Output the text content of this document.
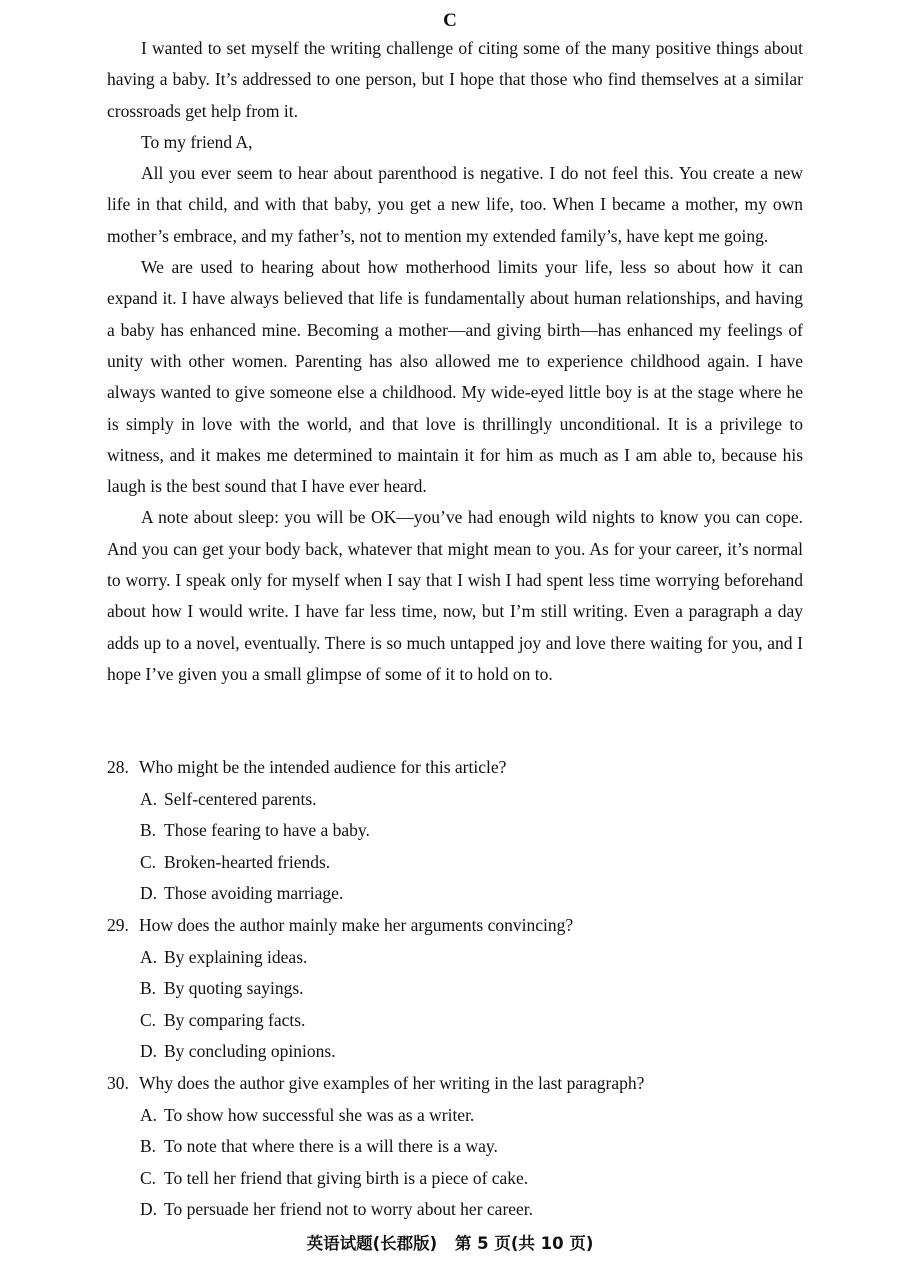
C

I wanted to set myself the writing challenge of citing some of the many positive things about having a baby. It’s addressed to one person, but I hope that those who find themselves at a similar crossroads get help from it.

To my friend A,

All you ever seem to hear about parenthood is negative. I do not feel this. You create a new life in that child, and with that baby, you get a new life, too. When I became a mother, my own mother’s embrace, and my father’s, not to mention my extended family’s, have kept me going.

We are used to hearing about how motherhood limits your life, less so about how it can expand it. I have always believed that life is fundamentally about human relationships, and having a baby has enhanced mine. Becoming a mother—and giving birth—has enhanced my feelings of unity with other women. Parenting has also allowed me to experience childhood again. I have always wanted to give someone else a childhood. My wide-eyed little boy is at the stage where he is simply in love with the world, and that love is thrillingly unconditional. It is a privilege to witness, and it makes me determined to maintain it for him as much as I am able to, because his laugh is the best sound that I have ever heard.

A note about sleep: you will be OK—you’ve had enough wild nights to know you can cope. And you can get your body back, whatever that might mean to you. As for your career, it’s normal to worry. I speak only for myself when I say that I wish I had spent less time worrying beforehand about how I would write. I have far less time, now, but I’m still writing. Even a paragraph a day adds up to a novel, eventually. There is so much untapped joy and love there waiting for you, and I hope I’ve given you a small glimpse of some of it to hold on to.

28. Who might be the intended audience for this article?
A. Self-centered parents.
B. Those fearing to have a baby.
C. Broken-hearted friends.
D. Those avoiding marriage.
29. How does the author mainly make her arguments convincing?
A. By explaining ideas.
B. By quoting sayings.
C. By comparing facts.
D. By concluding opinions.
30. Why does the author give examples of her writing in the last paragraph?
A. To show how successful she was as a writer.
B. To note that where there is a will there is a way.
C. To tell her friend that giving birth is a piece of cake.
D. To persuade her friend not to worry about her career.
英语试题(长郡版) 第 5 页(共 10 页)
